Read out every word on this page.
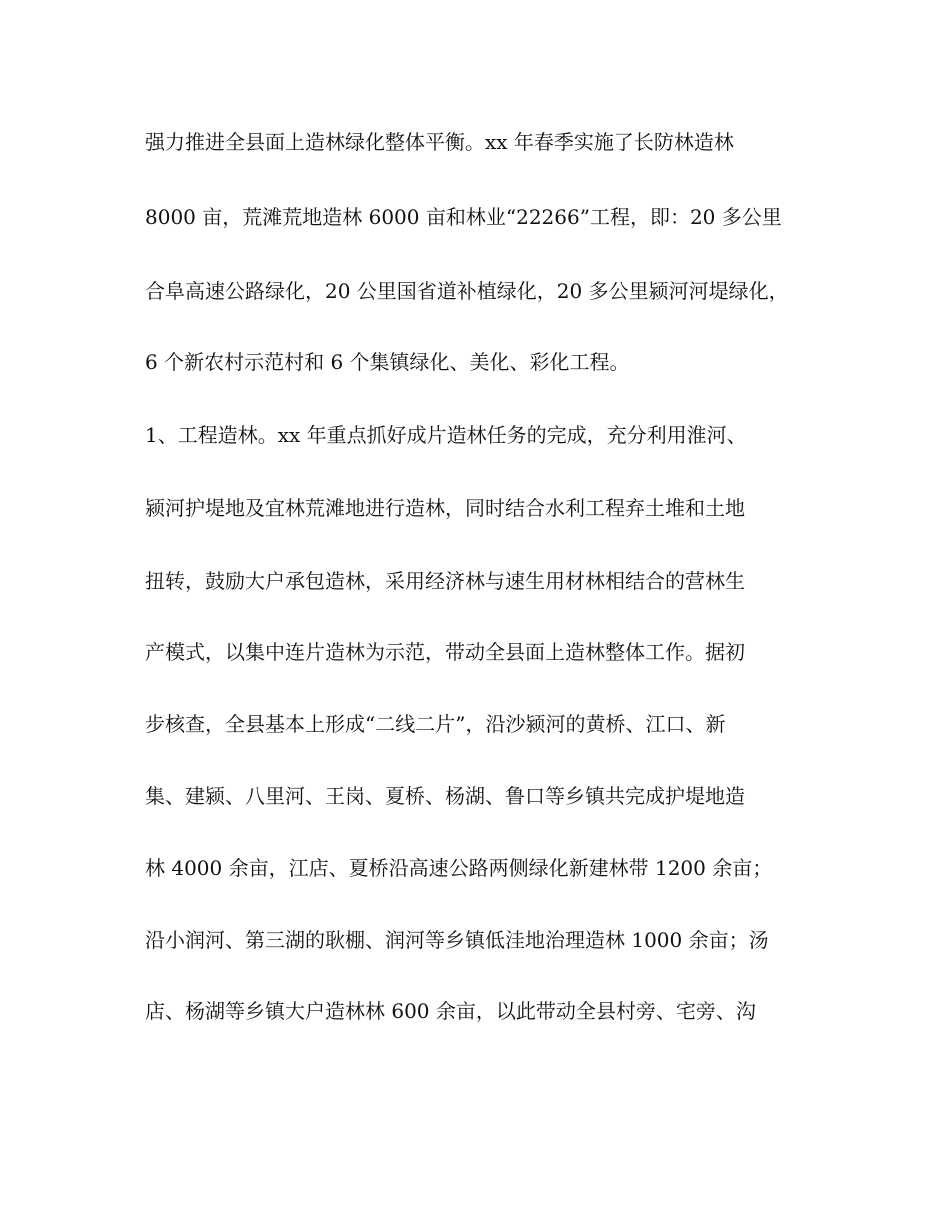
强力推进全县面上造林绿化整体平衡。xx 年春季实施了长防林造林

8000 亩，荒滩荒地造林 6000 亩和林业“22266”工程，即：20 多公里

合阜高速公路绿化，20 公里国省道补植绿化，20 多公里颍河河堤绿化，

6 个新农村示范村和 6 个集镇绿化、美化、彩化工程。

1、工程造林。xx 年重点抓好成片造林任务的完成，充分利用淮河、

颍河护堤地及宜林荒滩地进行造林，同时结合水利工程弃土堆和土地

扭转，鼓励大户承包造林，采用经济林与速生用材林相结合的营林生

产模式，以集中连片造林为示范，带动全县面上造林整体工作。据初

步核查，全县基本上形成“二线二片”，沿沙颍河的黄桥、江口、新

集、建颍、八里河、王岗、夏桥、杨湖、鲁口等乡镇共完成护堤地造

林 4000 余亩，江店、夏桥沿高速公路两侧绿化新建林带 1200 余亩；

沿小润河、第三湖的耿棚、润河等乡镇低洼地治理造林 1000 余亩；汤

店、杨湖等乡镇大户造林林 600 余亩，以此带动全县村旁、宅旁、沟
